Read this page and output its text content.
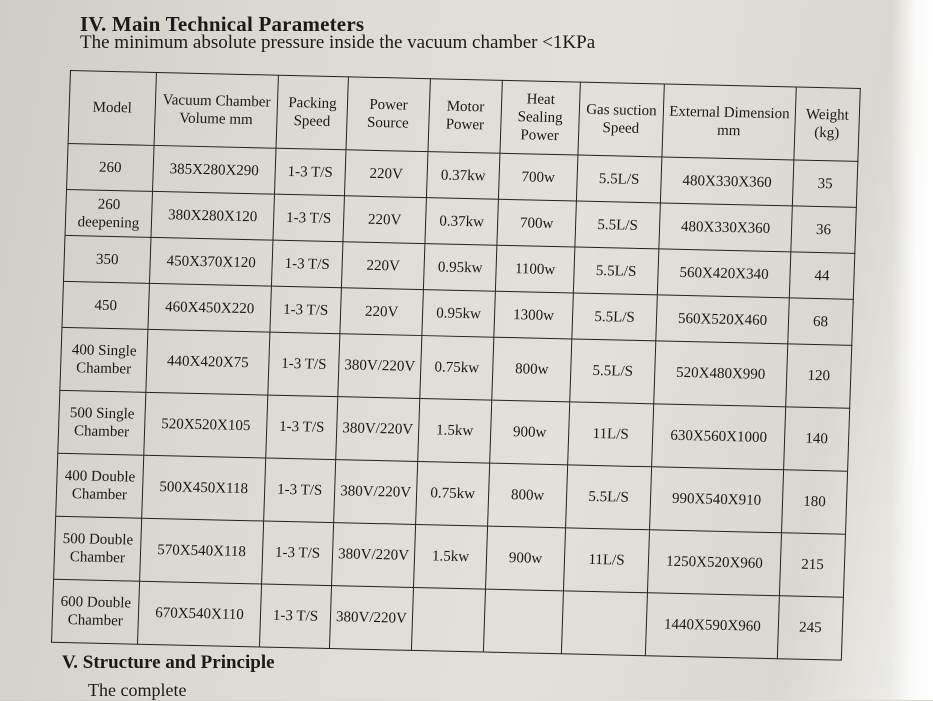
IV. Main Technical Parameters
The minimum absolute pressure inside the vacuum chamber <1KPa
Model	Vacuum Chamber Volume mm	Packing Speed	Power Source	Motor Power	Heat Sealing Power	Gas suction Speed	External Dimension mm	Weight (kg)
260	385X280X290	1-3 T/S	220V	0.37kw	700w	5.5L/S	480X330X360	35
260 deepening	380X280X120	1-3 T/S	220V	0.37kw	700w	5.5L/S	480X330X360	36
350	450X370X120	1-3 T/S	220V	0.95kw	1100w	5.5L/S	560X420X340	44
450	460X450X220	1-3 T/S	220V	0.95kw	1300w	5.5L/S	560X520X460	68
400 Single Chamber	440X420X75	1-3 T/S	380V/220V	0.75kw	800w	5.5L/S	520X480X990	120
500 Single Chamber	520X520X105	1-3 T/S	380V/220V	1.5kw	900w	11L/S	630X560X1000	140
400 Double Chamber	500X450X118	1-3 T/S	380V/220V	0.75kw	800w	5.5L/S	990X540X910	180
500 Double Chamber	570X540X118	1-3 T/S	380V/220V	1.5kw	900w	11L/S	1250X520X960	215
600 Double Chamber	670X540X110	1-3 T/S	380V/220V				1440X590X960	245
V. Structure and Principle
The complete
